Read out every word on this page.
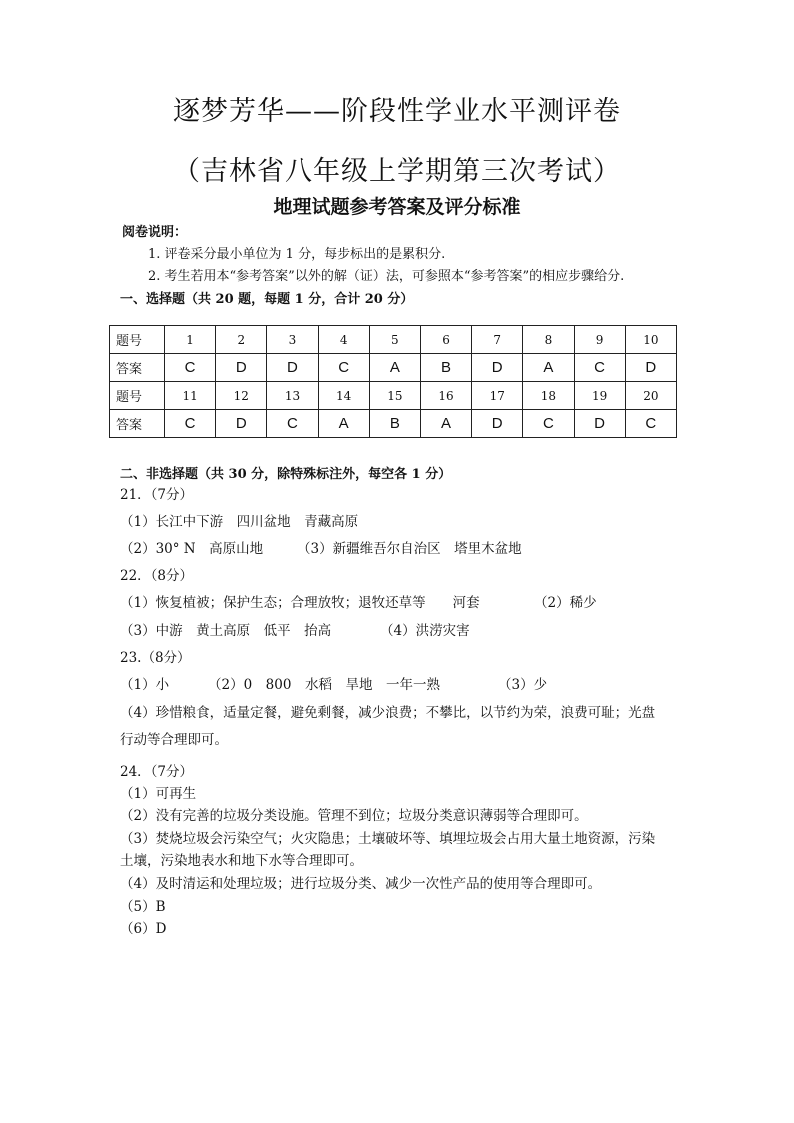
逐梦芳华——阶段性学业水平测评卷
（吉林省八年级上学期第三次考试）
地理试题参考答案及评分标准
阅卷说明：
1. 评卷采分最小单位为 1 分，每步标出的是累积分.
2. 考生若用本“参考答案”以外的解（证）法，可参照本“参考答案”的相应步骤给分.
一、选择题（共 20 题，每题 1 分，合计 20 分）
题号	1	2	3	4	5	6	7	8	9	10
答案	C	D	D	C	A	B	D	A	C	D
题号	11	12	13	14	15	16	17	18	19	20
答案	C	D	C	A	B	A	D	C	D	C
二、非选择题（共 30 分，除特殊标注外，每空各 1 分）
21．（7分）
（1）长江中下游　四川盆地　青藏高原
（2）30° N　高原山地	（3）新疆维吾尔自治区　塔里木盆地
22．（8分）
（1）恢复植被；保护生态；合理放牧；退牧还草等　　河套	（2）稀少
（3）中游　黄土高原　低平　抬高	（4）洪涝灾害
23.（8分）
（1）小	（2）0　800　水稻　旱地　一年一熟	（3）少
（4）珍惜粮食，适量定餐，避免剩餐，减少浪费；不攀比，以节约为荣，浪费可耻；光盘
行动等合理即可。
24．（7分）
（1）可再生
（2）没有完善的垃圾分类设施。管理不到位；垃圾分类意识薄弱等合理即可。
（3）焚烧垃圾会污染空气；火灾隐患；土壤破坏等、填埋垃圾会占用大量土地资源，污染
土壤，污染地表水和地下水等合理即可。
（4）及时清运和处理垃圾；进行垃圾分类、减少一次性产品的使用等合理即可。
（5）B
（6）D
